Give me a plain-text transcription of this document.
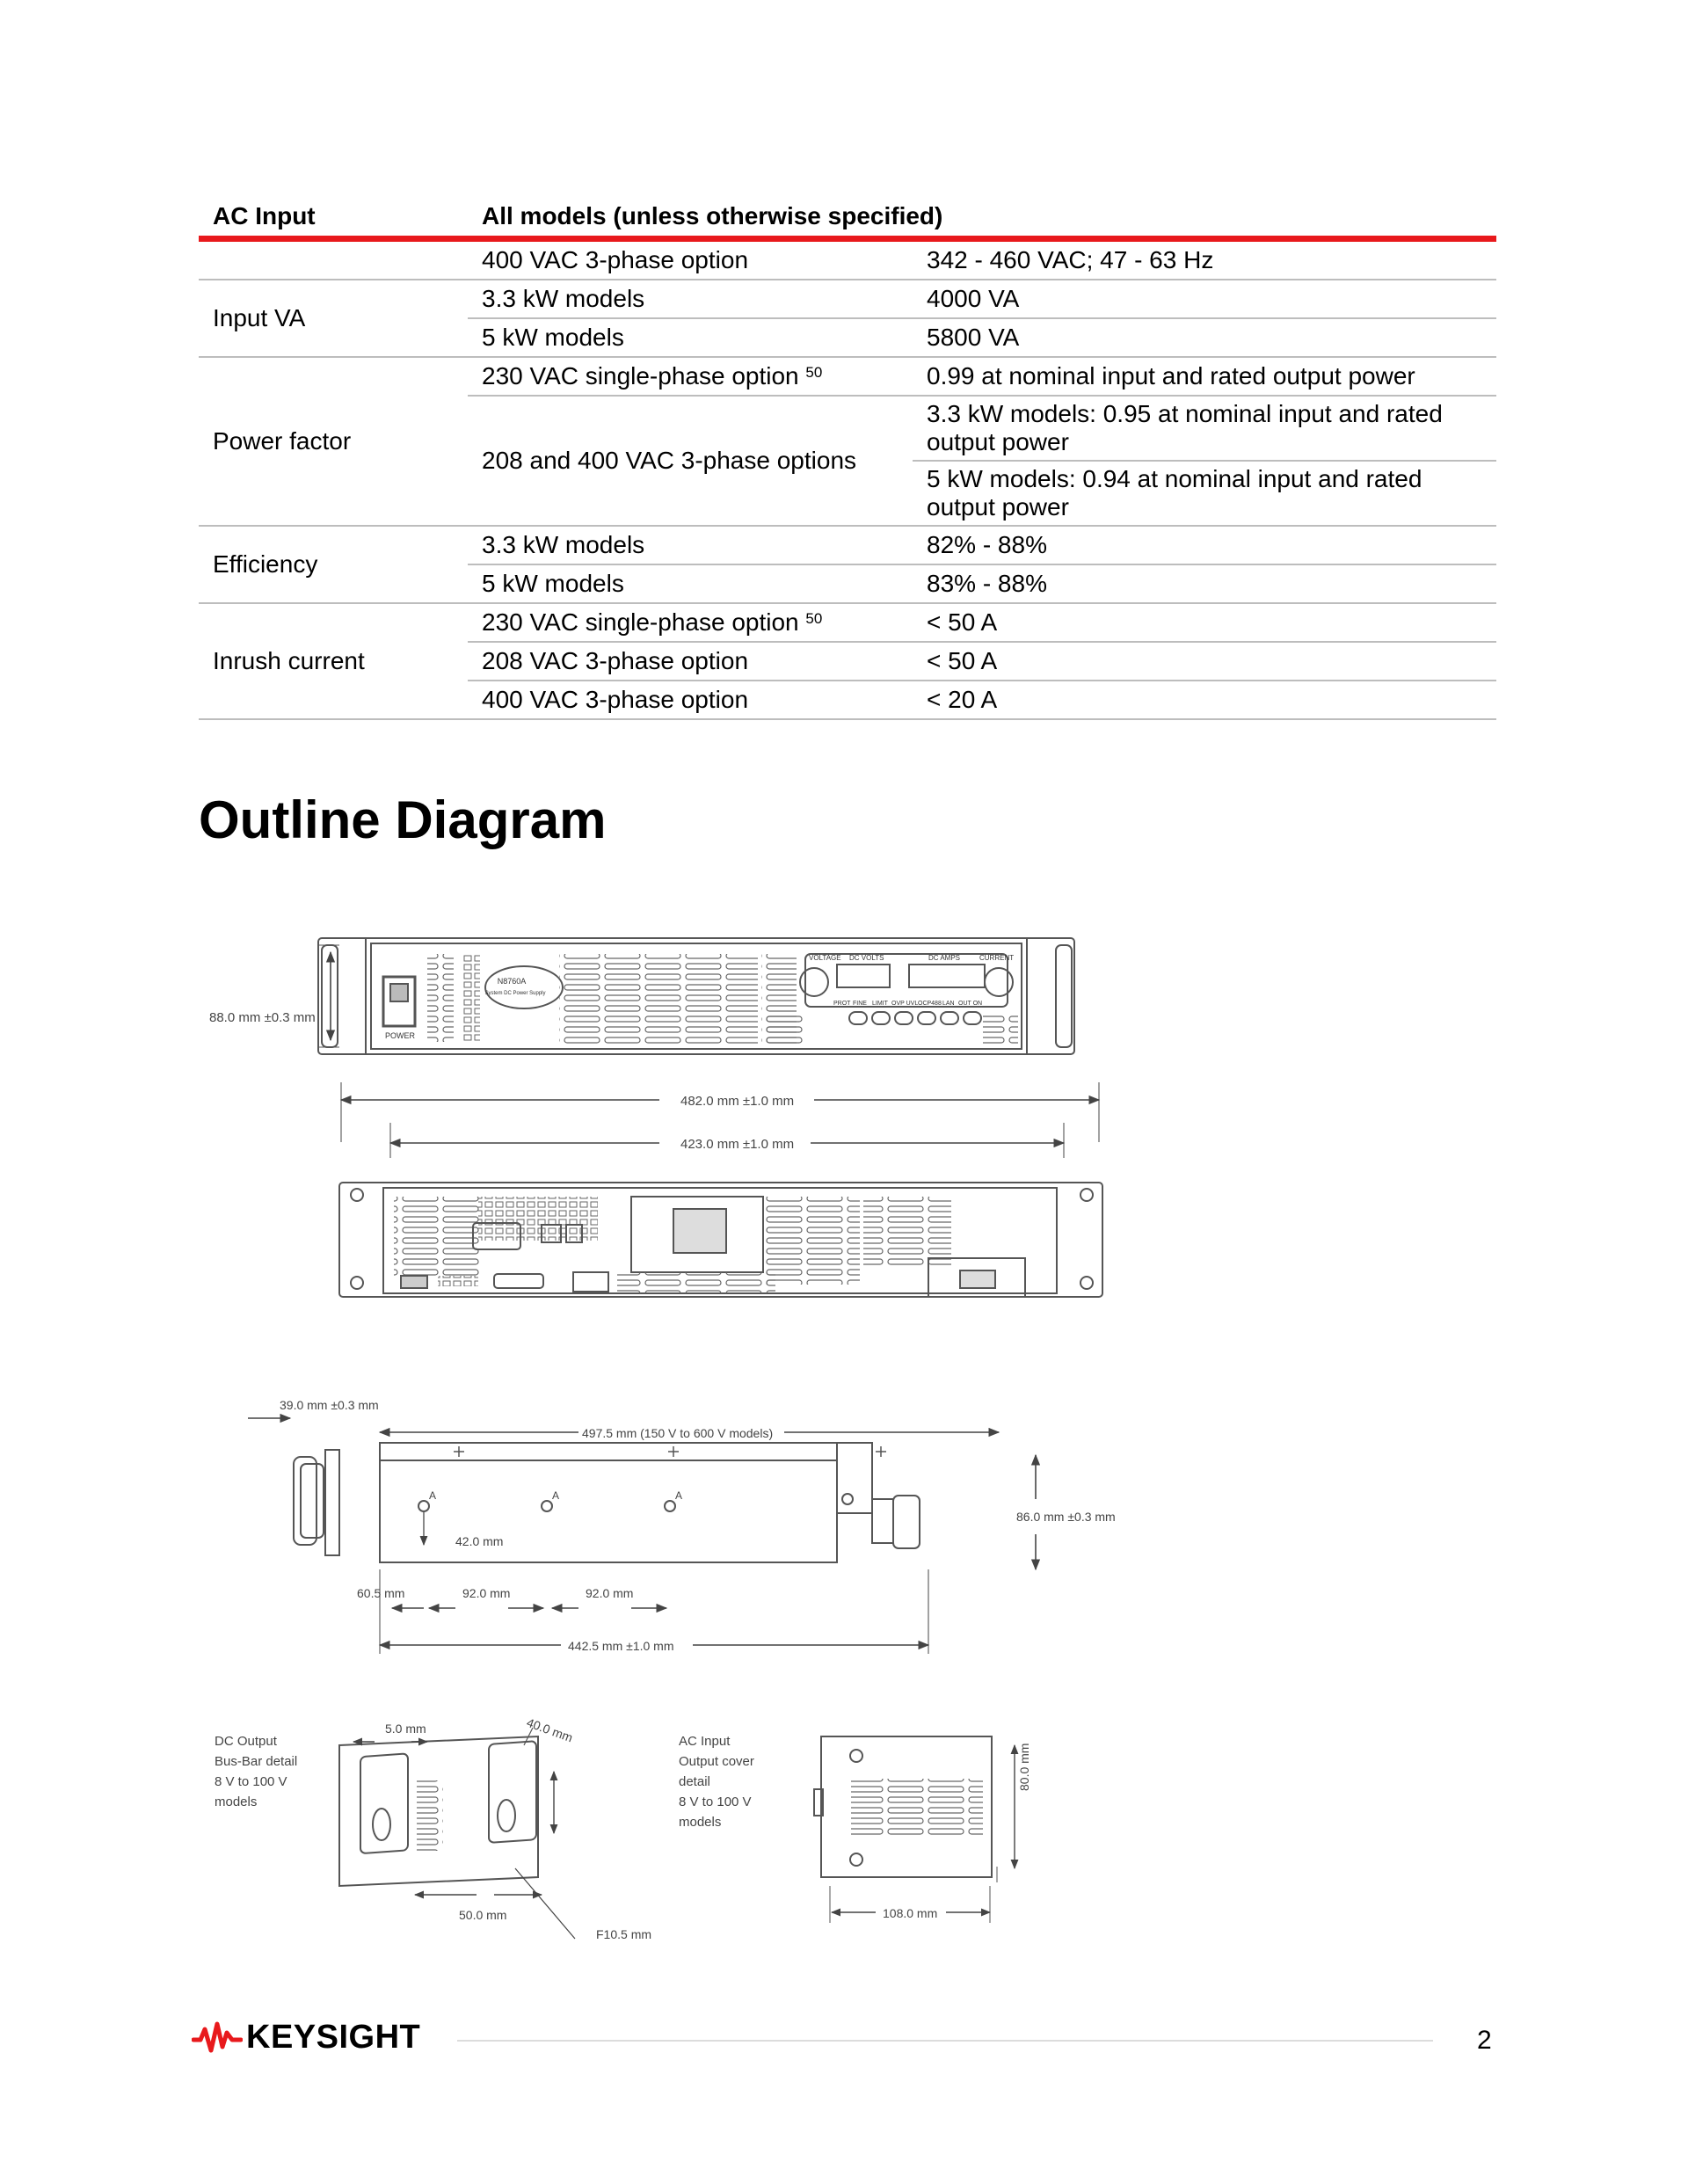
AC Input	All models (unless otherwise specified)	
	400 VAC 3-phase option	342 - 460 VAC; 47 - 63 Hz
Input VA	3.3 kW models	4000 VA
	5 kW models	5800 VA
Power factor	230 VAC single-phase option $^{50}$	0.99 at nominal input and rated output power
	208 and 400 VAC 3-phase options	3.3 kW models: 0.95 at nominal input and rated output power
		5 kW models: 0.94 at nominal input and rated output power
Efficiency	3.3 kW models	82% - 88%
	5 kW models	83% - 88%
Inrush current	230 VAC single-phase option $^{50}$	< 50 A
	208 VAC 3-phase option	< 50 A
	400 VAC 3-phase option	< 20 A
Outline Diagram
N8760A
System DC Power Supply
POWER
VOLTAGE DC VOLTS	DC AMPS	CURRENT
PROT FINE LIMIT OVP UVL OCP488 LAN OUT ON
88.0 mm ±0.3 mm
482.0 mm ±1.0 mm
423.0 mm ±1.0 mm
A	A	A
39.0 mm ±0.3 mm
497.5 mm (150 V to 600 V models)
86.0 mm ±0.3 mm
42.0 mm
60.5 mm	92.0 mm	92.0 mm
442.5 mm ±1.0 mm
5.0 mm	40.0 mm
50.0 mm
F10.5 mm
DC Output
Bus-Bar detail
8 V to 100 V
models
AC Input
Output cover
detail
8 V to 100 V
models
80.0 mm
108.0 mm
KEYSIGHT	2
